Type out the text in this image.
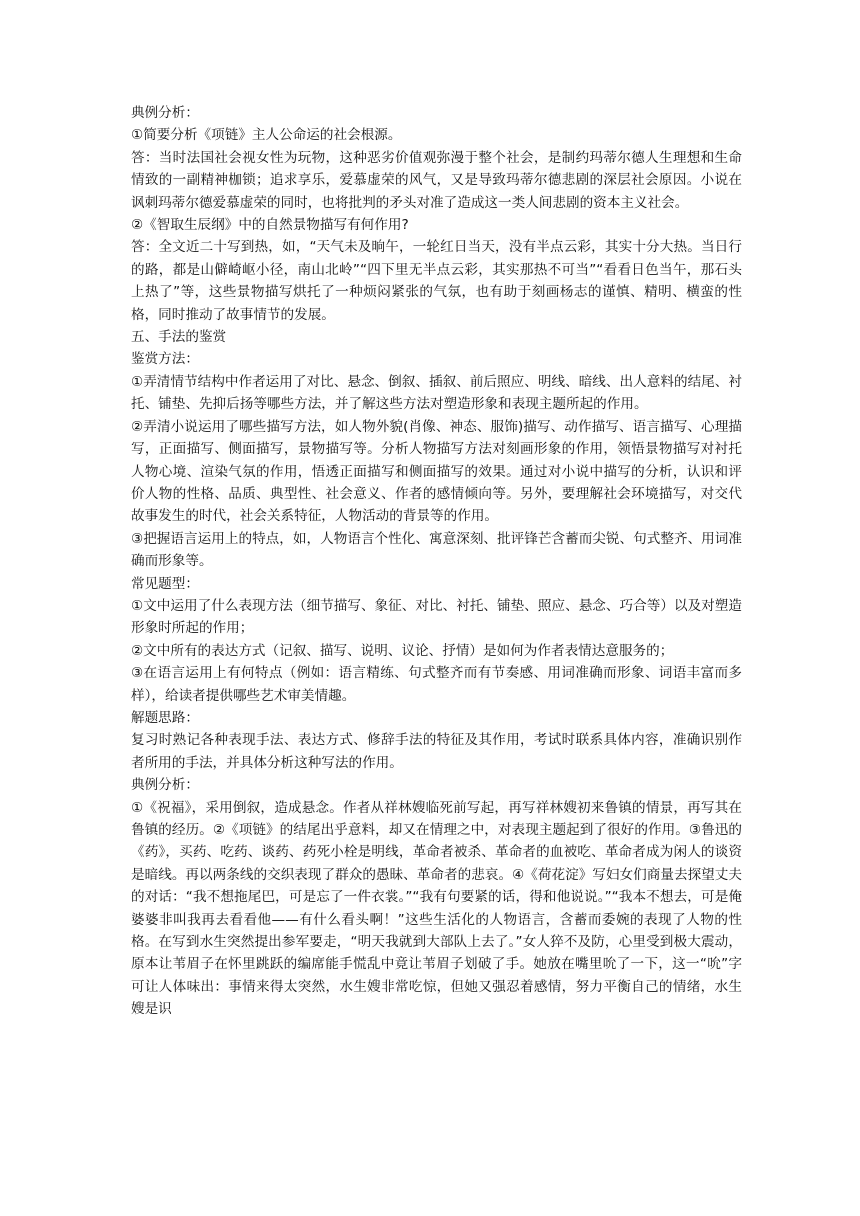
典例分析：

①简要分析《项链》主人公命运的社会根源。

答：当时法国社会视女性为玩物，这种恶劣价值观弥漫于整个社会，是制约玛蒂尔德人生理想和生命情致的一副精神枷锁；追求享乐，爱慕虚荣的风气，又是导致玛蒂尔德悲剧的深层社会原因。小说在讽刺玛蒂尔德爱慕虚荣的同时，也将批判的矛头对准了造成这一类人间悲剧的资本主义社会。

②《智取生辰纲》中的自然景物描写有何作用?

答：全文近二十写到热，如，“天气未及晌午，一轮红日当天，没有半点云彩，其实十分大热。当日行的路，都是山僻崎岖小径，南山北岭”“四下里无半点云彩，其实那热不可当”“看看日色当午，那石头上热了”等，这些景物描写烘托了一种烦闷紧张的气氛，也有助于刻画杨志的谨慎、精明、横蛮的性格，同时推动了故事情节的发展。

五、手法的鉴赏

鉴赏方法：

①弄清情节结构中作者运用了对比、悬念、倒叙、插叙、前后照应、明线、暗线、出人意料的结尾、衬托、铺垫、先抑后扬等哪些方法，并了解这些方法对塑造形象和表现主题所起的作用。

②弄清小说运用了哪些描写方法，如人物外貌(肖像、神态、服饰)描写、动作描写、语言描写、心理描写，正面描写、侧面描写，景物描写等。分析人物描写方法对刻画形象的作用，领悟景物描写对衬托人物心境、渲染气氛的作用，悟透正面描写和侧面描写的效果。通过对小说中描写的分析，认识和评价人物的性格、品质、典型性、社会意义、作者的感情倾向等。另外，要理解社会环境描写，对交代故事发生的时代，社会关系特征，人物活动的背景等的作用。

③把握语言运用上的特点，如，人物语言个性化、寓意深刻、批评锋芒含蓄而尖锐、句式整齐、用词准确而形象等。

常见题型：

①文中运用了什么表现方法（细节描写、象征、对比、衬托、铺垫、照应、悬念、巧合等）以及对塑造形象时所起的作用；

②文中所有的表达方式（记叙、描写、说明、议论、抒情）是如何为作者表情达意服务的；

③在语言运用上有何特点（例如：语言精练、句式整齐而有节奏感、用词准确而形象、词语丰富而多样），给读者提供哪些艺术审美情趣。

解题思路：

复习时熟记各种表现手法、表达方式、修辞手法的特征及其作用，考试时联系具体内容，准确识别作者所用的手法，并具体分析这种写法的作用。

典例分析：

①《祝福》，采用倒叙，造成悬念。作者从祥林嫂临死前写起，再写祥林嫂初来鲁镇的情景，再写其在鲁镇的经历。②《项链》的结尾出乎意料，却又在情理之中，对表现主题起到了很好的作用。③鲁迅的《药》，买药、吃药、谈药、药死小栓是明线，革命者被杀、革命者的血被吃、革命者成为闲人的谈资是暗线。再以两条线的交织表现了群众的愚昧、革命者的悲哀。④《荷花淀》写妇女们商量去探望丈夫的对话：“我不想拖尾巴，可是忘了一件衣裳。”“我有句要紧的话，得和他说说。”“我本不想去，可是俺婆婆非叫我再去看看他——有什么看头啊！”这些生活化的人物语言，含蓄而委婉的表现了人物的性格。在写到水生突然提出参军要走，“明天我就到大部队上去了。”女人猝不及防，心里受到极大震动，原本让苇眉子在怀里跳跃的编席能手慌乱中竟让苇眉子划破了手。她放在嘴里吮了一下，这一“吮”字可让人体味出：事情来得太突然，水生嫂非常吃惊，但她又强忍着感情，努力平衡自己的情绪，水生嫂是识
